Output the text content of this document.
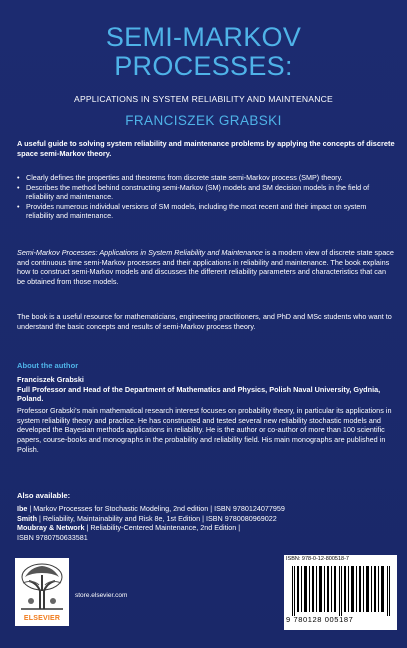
SEMI-MARKOV
PROCESSES:
APPLICATIONS IN SYSTEM RELIABILITY AND MAINTENANCE
FRANCISZEK GRABSKI
A useful guide to solving system reliability and maintenance problems by applying the concepts of discrete space semi-Markov theory.
• Clearly defines the properties and theorems from discrete state semi-Markov process (SMP) theory.
• Describes the method behind constructing semi-Markov (SM) models and SM decision models in the field of reliability and maintenance.
• Provides numerous individual versions of SM models, including the most recent and their impact on system reliability and maintenance.
Semi-Markov Processes: Applications in System Reliability and Maintenance is a modern view of discrete state space and continuous time semi-Markov processes and their applications in reliability and maintenance. The book explains how to construct semi-Markov models and discusses the different reliability parameters and characteristics that can be obtained from those models.
The book is a useful resource for mathematicians, engineering practitioners, and PhD and MSc students who want to understand the basic concepts and results of semi-Markov process theory.
About the author
Franciszek Grabski
Full Professor and Head of the Department of Mathematics and Physics, Polish Naval University, Gydnia, Poland.
Professor Grabski’s main mathematical research interest focuses on probability theory, in particular its applications in system reliability theory and practice. He has constructed and tested several new reliability stochastic models and developed the Bayesian methods applications in reliability. He is the author or co-author of more than 100 scientific papers, course-books and monographs in the probability and reliability field. His main monographs are published in Polish.
Also available:
Ibe | Markov Processes for Stochastic Modeling, 2nd edition | ISBN 9780124077959
Smith | Reliability, Maintainability and Risk 8e, 1st Edition | ISBN 9780080969022
Moubray & Network | Reliability-Centered Maintenance, 2nd Edition |
ISBN 9780750633581
ELSEVIER
store.elsevier.com
ISBN: 978-0-12-800518-7
9 780128 005187
